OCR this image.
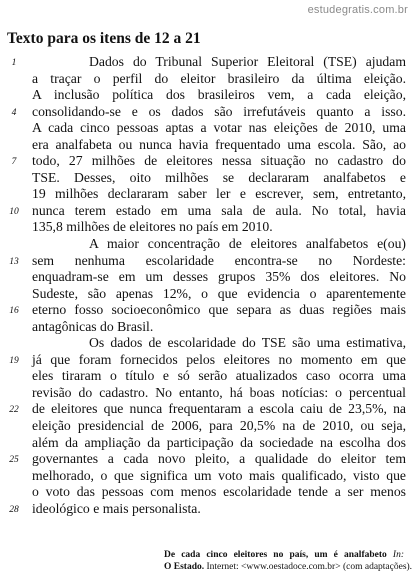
estudegratis.com.br
Texto para os itens de 12 a 21
1	Dados do Tribunal Superior Eleitoral (TSE) ajudam
a traçar o perfil do eleitor brasileiro da última eleição.
A inclusão política dos brasileiros vem, a cada eleição,
4	consolidando-se e os dados são irrefutáveis quanto a isso.
A cada cinco pessoas aptas a votar nas eleições de 2010, uma
era analfabeta ou nunca havia frequentado uma escola. São, ao
7	todo, 27 milhões de eleitores nessa situação no cadastro do
TSE. Desses, oito milhões se declararam analfabetos e
19 milhões declararam saber ler e escrever, sem, entretanto,
10 nunca terem estado em uma sala de aula. No total, havia
135,8 milhões de eleitores no país em 2010.
A maior concentração de eleitores analfabetos e(ou)
13 sem nenhuma escolaridade encontra-se no Nordeste:
enquadram-se em um desses grupos 35% dos eleitores. No
Sudeste, são apenas 12%, o que evidencia o aparentemente
16 eterno fosso socioeconômico que separa as duas regiões mais
antagônicas do Brasil.
Os dados de escolaridade do TSE são uma estimativa,
19 já que foram fornecidos pelos eleitores no momento em que
eles tiraram o título e só serão atualizados caso ocorra uma
revisão do cadastro. No entanto, há boas notícias: o percentual
22 de eleitores que nunca frequentaram a escola caiu de 23,5%, na
eleição presidencial de 2006, para 20,5% na de 2010, ou seja,
além da ampliação da participação da sociedade na escolha dos
25 governantes a cada novo pleito, a qualidade do eleitor tem
melhorado, o que significa um voto mais qualificado, visto que
o voto das pessoas com menos escolaridade tende a ser menos
28 ideológico e mais personalista.
De cada cinco eleitores no país, um é analfabeto In:
O Estado. Internet: <www.oestadoce.com.br> (com adaptações).
